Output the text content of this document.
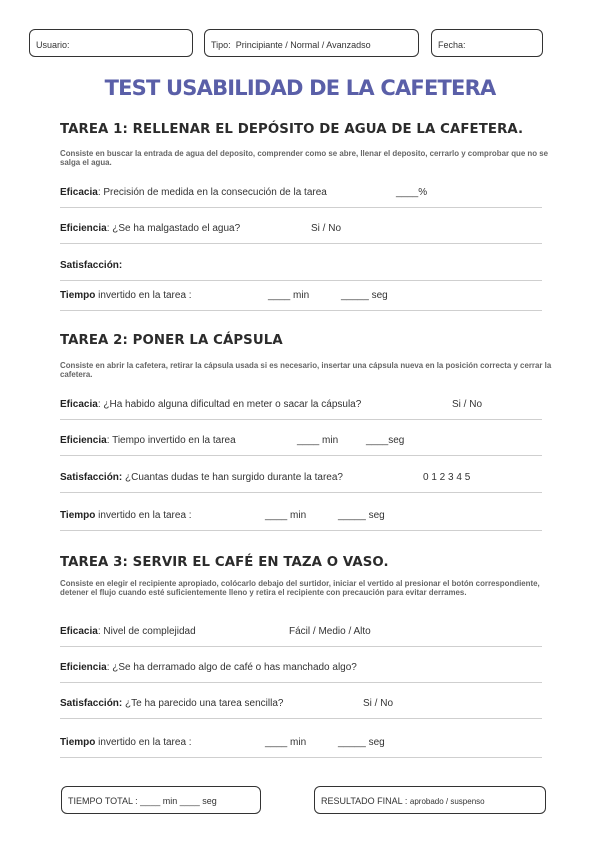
Usuario:	Tipo: Principiante / Normal / Avanzadso	Fecha:
TEST USABILIDAD DE LA CAFETERA
TAREA 1: RELLENAR EL DEPÓSITO DE AGUA DE LA CAFETERA.
Consiste en buscar la entrada de agua del deposito, comprender como se abre, llenar el deposito, cerrarlo y comprobar que no se salga el agua.
Eficacia: Precisión de medida en la consecución de la tarea	____%
Eficiencia: ¿Se ha malgastado el agua?	Si / No
Satisfacción:
Tiempo invertido en la tarea :	____ min	_____ seg
TAREA 2: PONER LA CÁPSULA
Consiste en abrir la cafetera, retirar la cápsula usada si es necesario, insertar una cápsula nueva en la posición correcta y cerrar la cafetera.
Eficacia: ¿Ha habido alguna dificultad en meter o sacar la cápsula?	Si / No
Eficiencia: Tiempo invertido en la tarea	____ min	____seg
Satisfacción: ¿Cuantas dudas te han surgido durante la tarea?	0 1 2 3 4 5
Tiempo invertido en la tarea :	____ min	_____ seg
TAREA 3: SERVIR EL CAFÉ EN TAZA O VASO.
Consiste en elegir el recipiente apropiado, colócarlo debajo del surtidor, iniciar el vertido al presionar el botón correspondiente, detener el flujo cuando esté suficientemente lleno y retira el recipiente con precaución para evitar derrames.
Eficacia: Nivel de complejidad	Fácil / Medio / Alto
Eficiencia: ¿Se ha derramado algo de café o has manchado algo?
Satisfacción: ¿Te ha parecido una tarea sencilla?	Si / No
Tiempo invertido en la tarea :	____ min	_____ seg
TIEMPO TOTAL : ____ min ____ seg	RESULTADO FINAL : aprobado / suspenso
